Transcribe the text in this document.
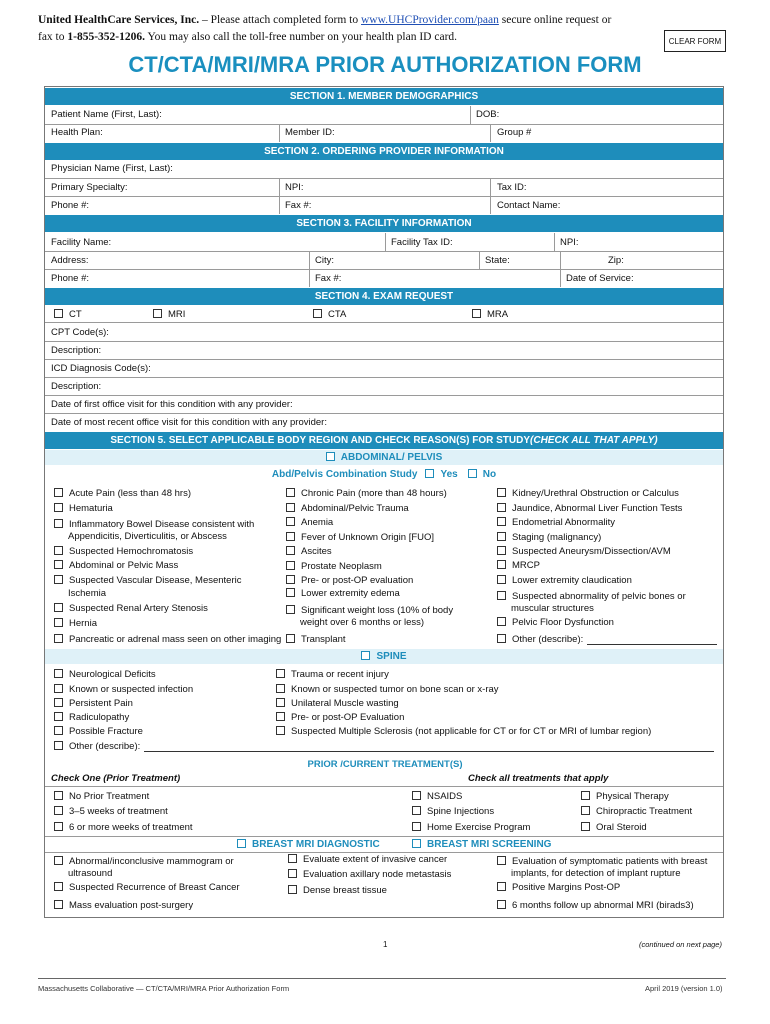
United HealthCare Services, Inc. – Please attach completed form to www.UHCProvider.com/paan secure online request or
fax to 1-855-352-1206. You may also call the toll-free number on your health plan ID card.	CLEAR FORM
CT/CTA/MRI/MRA PRIOR AUTHORIZATION FORM
SECTION 1. MEMBER DEMOGRAPHICS
Patient Name (First, Last):	DOB:
Health Plan:	Member ID:	Group #
SECTION 2. ORDERING PROVIDER INFORMATION
Physician Name (First, Last):
Primary Specialty:	NPI:	Tax ID:
Phone #:	Fax #:	Contact Name:
SECTION 3. FACILITY INFORMATION
Facility Name:	Facility Tax ID:	NPI:
Address:	City:	State:	Zip:
Phone #:	Fax #:	Date of Service:
SECTION 4. EXAM REQUEST
CT	MRI	CTA	MRA
CPT Code(s):
Description:
ICD Diagnosis Code(s):
Description:
Date of first office visit for this condition with any provider:
Date of most recent office visit for this condition with any provider:
SECTION 5. SELECT APPLICABLE BODY REGION AND CHECK REASON(S) FOR STUDY (CHECK ALL THAT APPLY)
ABDOMINAL/ PELVIS
Abd/Pelvis Combination Study	Yes	No
Acute Pain (less than 48 hrs)
Hematuria
Inflammatory Bowel Disease consistent with
Appendicitis, Diverticulitis, or Abscess
Suspected Hemochromatosis
Abdominal or Pelvic Mass
Suspected Vascular Disease, Mesenteric
Ischemia
Suspected Renal Artery Stenosis
Hernia
Pancreatic or adrenal mass seen on other imaging
Chronic Pain (more than 48 hours)
Abdominal/Pelvic Trauma
Anemia
Fever of Unknown Origin [FUO]
Ascites
Prostate Neoplasm
Pre- or post-OP evaluation
Lower extremity edema
Significant weight loss (10% of body
weight over 6 months or less)
Transplant
Kidney/Urethral Obstruction or Calculus
Jaundice, Abnormal Liver Function Tests
Endometrial Abnormality
Staging (malignancy)
Suspected Aneurysm/Dissection/AVM
MRCP
Lower extremity claudication
Suspected abnormality of pelvic bones or
muscular structures
Pelvic Floor Dysfunction
Other (describe):
SPINE
Neurological Deficits
Known or suspected infection
Persistent Pain
Radiculopathy
Possible Fracture
Other (describe):
Trauma or recent injury
Known or suspected tumor on bone scan or x-ray
Unilateral Muscle wasting
Pre- or post-OP Evaluation
Suspected Multiple Sclerosis (not applicable for CT or for CT or MRI of lumbar region)
PRIOR /CURRENT TREATMENT(S)
Check One (Prior Treatment)	Check all treatments that apply
No Prior Treatment
3–5 weeks of treatment
6 or more weeks of treatment
NSAIDS
Spine Injections
Home Exercise Program
Physical Therapy
Chiropractic Treatment
Oral Steroid
BREAST MRI DIAGNOSTIC	BREAST MRI SCREENING
Abnormal/inconclusive mammogram or
ultrasound
Suspected Recurrence of Breast Cancer
Mass evaluation post-surgery
Evaluate extent of invasive cancer
Evaluation axillary node metastasis
Dense breast tissue
Evaluation of symptomatic patients with breast
implants, for detection of implant rupture
Positive Margins Post-OP
6 months follow up abnormal MRI (birads3)
1	(continued on next page)
Massachusetts Collaborative — CT/CTA/MRI/MRA Prior Authorization Form	April 2019 (version 1.0)
